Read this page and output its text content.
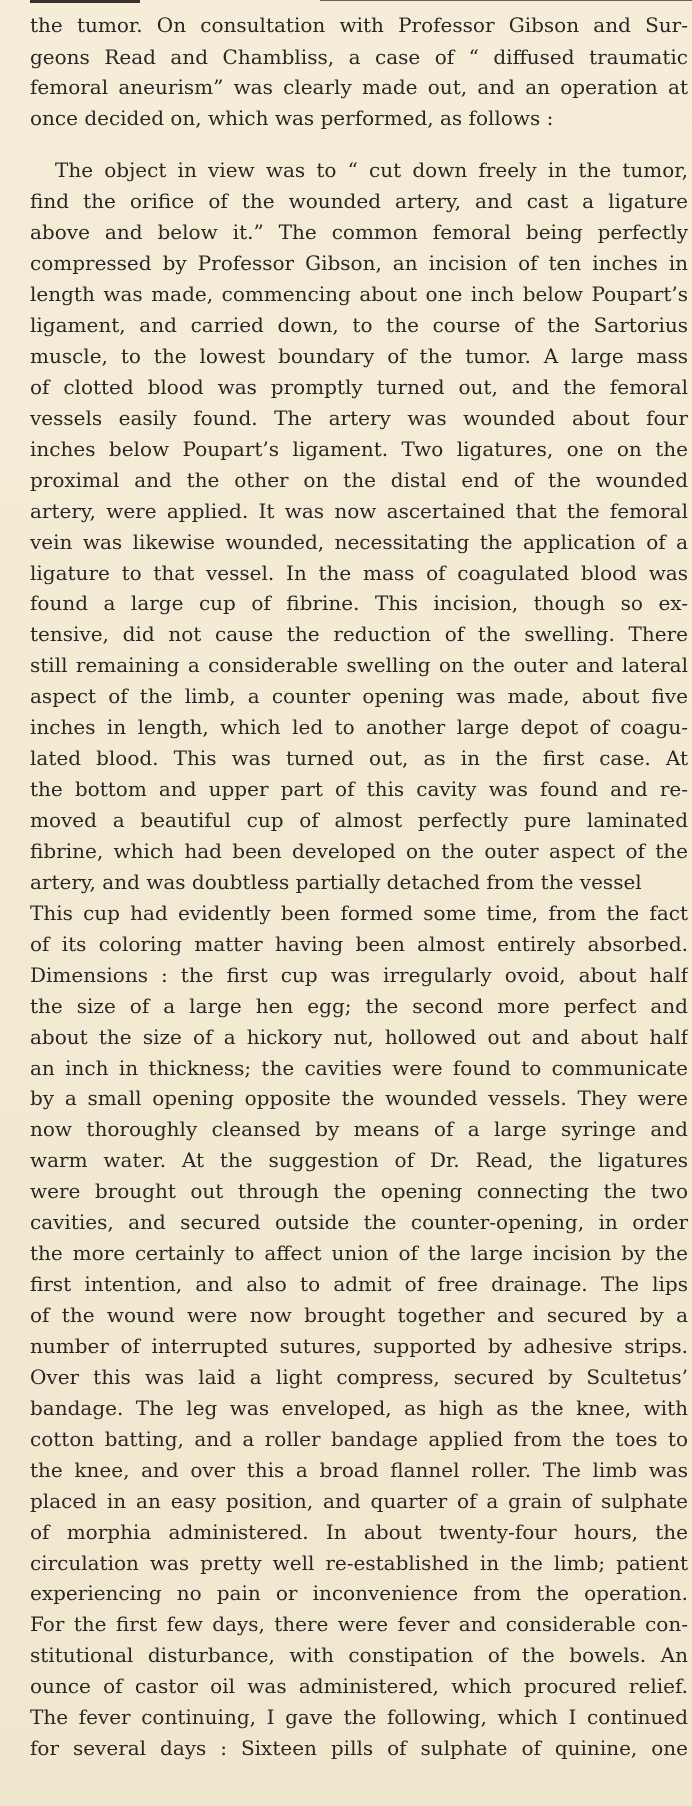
the tumor. On consultation with Professor Gibson and Sur-
geons Read and Chambliss, a case of “ diffused traumatic
femoral aneurism” was clearly made out, and an operation at
once decided on, which was performed, as follows :
The object in view was to “ cut down freely in the tumor,
find the orifice of the wounded artery, and cast a ligature
above and below it.” The common femoral being perfectly
compressed by Professor Gibson, an incision of ten inches in
length was made, commencing about one inch below Poupart’s
ligament, and carried down, to the course of the Sartorius
muscle, to the lowest boundary of the tumor. A large mass
of clotted blood was promptly turned out, and the femoral
vessels easily found. The artery was wounded about four
inches below Poupart’s ligament. Two ligatures, one on the
proximal and the other on the distal end of the wounded
artery, were applied. It was now ascertained that the femoral
vein was likewise wounded, necessitating the application of a
ligature to that vessel. In the mass of coagulated blood was
found a large cup of fibrine. This incision, though so ex-
tensive, did not cause the reduction of the swelling. There
still remaining a considerable swelling on the outer and lateral
aspect of the limb, a counter opening was made, about five
inches in length, which led to another large depot of coagu-
lated blood. This was turned out, as in the first case. At
the bottom and upper part of this cavity was found and re-
moved a beautiful cup of almost perfectly pure laminated
fibrine, which had been developed on the outer aspect of the
artery, and was doubtless partially detached from the vessel
This cup had evidently been formed some time, from the fact
of its coloring matter having been almost entirely absorbed.
Dimensions : the first cup was irregularly ovoid, about half
the size of a large hen egg; the second more perfect and
about the size of a hickory nut, hollowed out and about half
an inch in thickness; the cavities were found to communicate
by a small opening opposite the wounded vessels. They were
now thoroughly cleansed by means of a large syringe and
warm water. At the suggestion of Dr. Read, the ligatures
were brought out through the opening connecting the two
cavities, and secured outside the counter-opening, in order
the more certainly to affect union of the large incision by the
first intention, and also to admit of free drainage. The lips
of the wound were now brought together and secured by a
number of interrupted sutures, supported by adhesive strips.
Over this was laid a light compress, secured by Scultetus’
bandage. The leg was enveloped, as high as the knee, with
cotton batting, and a roller bandage applied from the toes to
the knee, and over this a broad flannel roller. The limb was
placed in an easy position, and quarter of a grain of sulphate
of morphia administered. In about twenty-four hours, the
circulation was pretty well re-established in the limb; patient
experiencing no pain or inconvenience from the operation.
For the first few days, there were fever and considerable con-
stitutional disturbance, with constipation of the bowels. An
ounce of castor oil was administered, which procured relief.
The fever continuing, I gave the following, which I continued
for several days : Sixteen pills of sulphate of quinine, one
